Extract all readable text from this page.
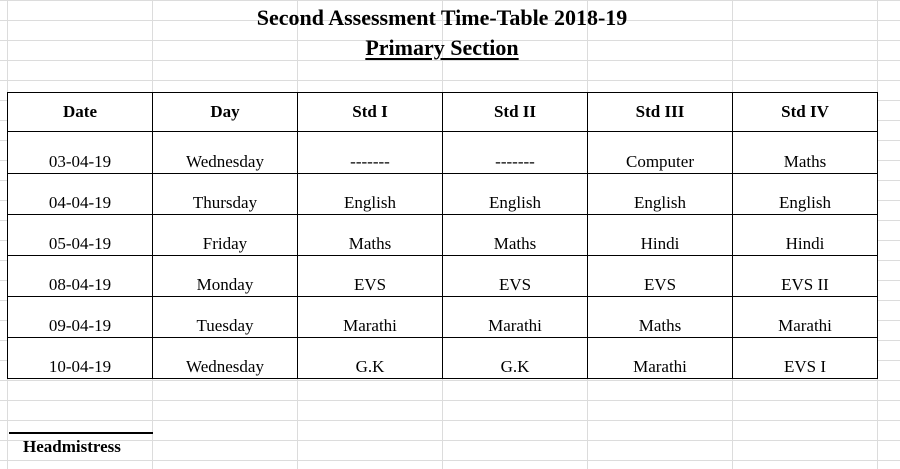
Second Assessment Time-Table 2018-19
Primary Section
Date	Day	Std I	Std II	Std III	Std IV
03-04-19	Wednesday	-------	-------	Computer	Maths
04-04-19	Thursday	English	English	English	English
05-04-19	Friday	Maths	Maths	Hindi	Hindi
08-04-19	Monday	EVS	EVS	EVS	EVS II
09-04-19	Tuesday	Marathi	Marathi	Maths	Marathi
10-04-19	Wednesday	G.K	G.K	Marathi	EVS I
Headmistress
